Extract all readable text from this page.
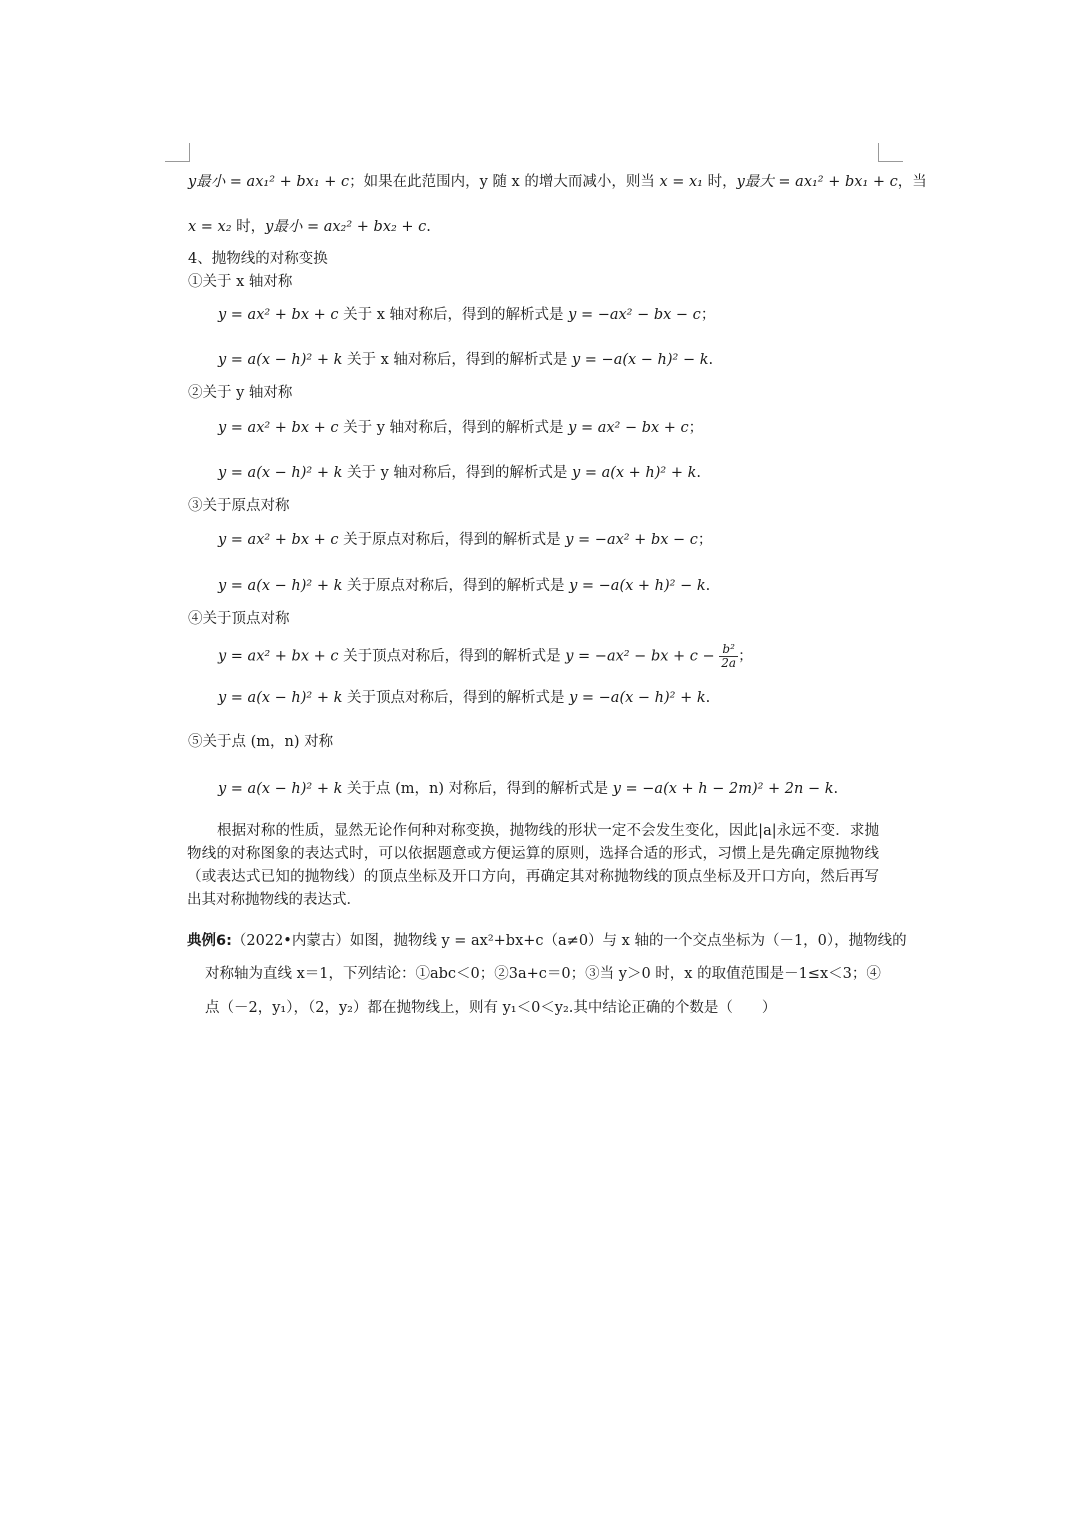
y最小 = ax₁² + bx₁ + c；如果在此范围内，y 随 x 的增大而减小，则当 x = x₁ 时，y最大 = ax₁² + bx₁ + c，当
x = x₂ 时，y最小 = ax₂² + bx₂ + c.
4、抛物线的对称变换
①关于 x 轴对称
y = ax² + bx + c 关于 x 轴对称后，得到的解析式是 y = −ax² − bx − c；
y = a(x − h)² + k 关于 x 轴对称后，得到的解析式是 y = −a(x − h)² − k.
②关于 y 轴对称
y = ax² + bx + c 关于 y 轴对称后，得到的解析式是 y = ax² − bx + c；
y = a(x − h)² + k 关于 y 轴对称后，得到的解析式是 y = a(x + h)² + k.
③关于原点对称
y = ax² + bx + c 关于原点对称后，得到的解析式是 y = −ax² + bx − c；
y = a(x − h)² + k 关于原点对称后，得到的解析式是 y = −a(x + h)² − k.
④关于顶点对称
y = ax² + bx + c 关于顶点对称后，得到的解析式是 y = −ax² − bx + $c - \frac{\text{b²}}{2a}$ ；
y = a(x − h)² + k 关于顶点对称后，得到的解析式是 y = −a(x − h)² + k.
⑤关于点 (m，n) 对称
y = a(x − h)² + k 关于点 (m，n) 对称后，得到的解析式是 y = −a(x + h − 2m)² + 2n − k.
根据对称的性质，显然无论作何种对称变换，抛物线的形状一定不会发生变化，因此|a|永远不变．求抛物线的对称图象的表达式时，可以依据题意或方便运算的原则，选择合适的形式，习惯上是先确定原抛物线（或表达式已知的抛物线）的顶点坐标及开口方向，再确定其对称抛物线的顶点坐标及开口方向，然后再写出其对称抛物线的表达式．
典例6:（2022•内蒙古）如图，抛物线 y = ax²+bx+c（a≠0）与 x 轴的一个交点坐标为（－1，0），抛物线的
对称轴为直线 x＝1，下列结论：①abc＜0；②3a+c＝0；③当 y＞0 时，x 的取值范围是－1≤x＜3；④
点（－2，y₁），（2，y₂）都在抛物线上，则有 y₁＜0＜y₂.其中结论正确的个数是（　　）
